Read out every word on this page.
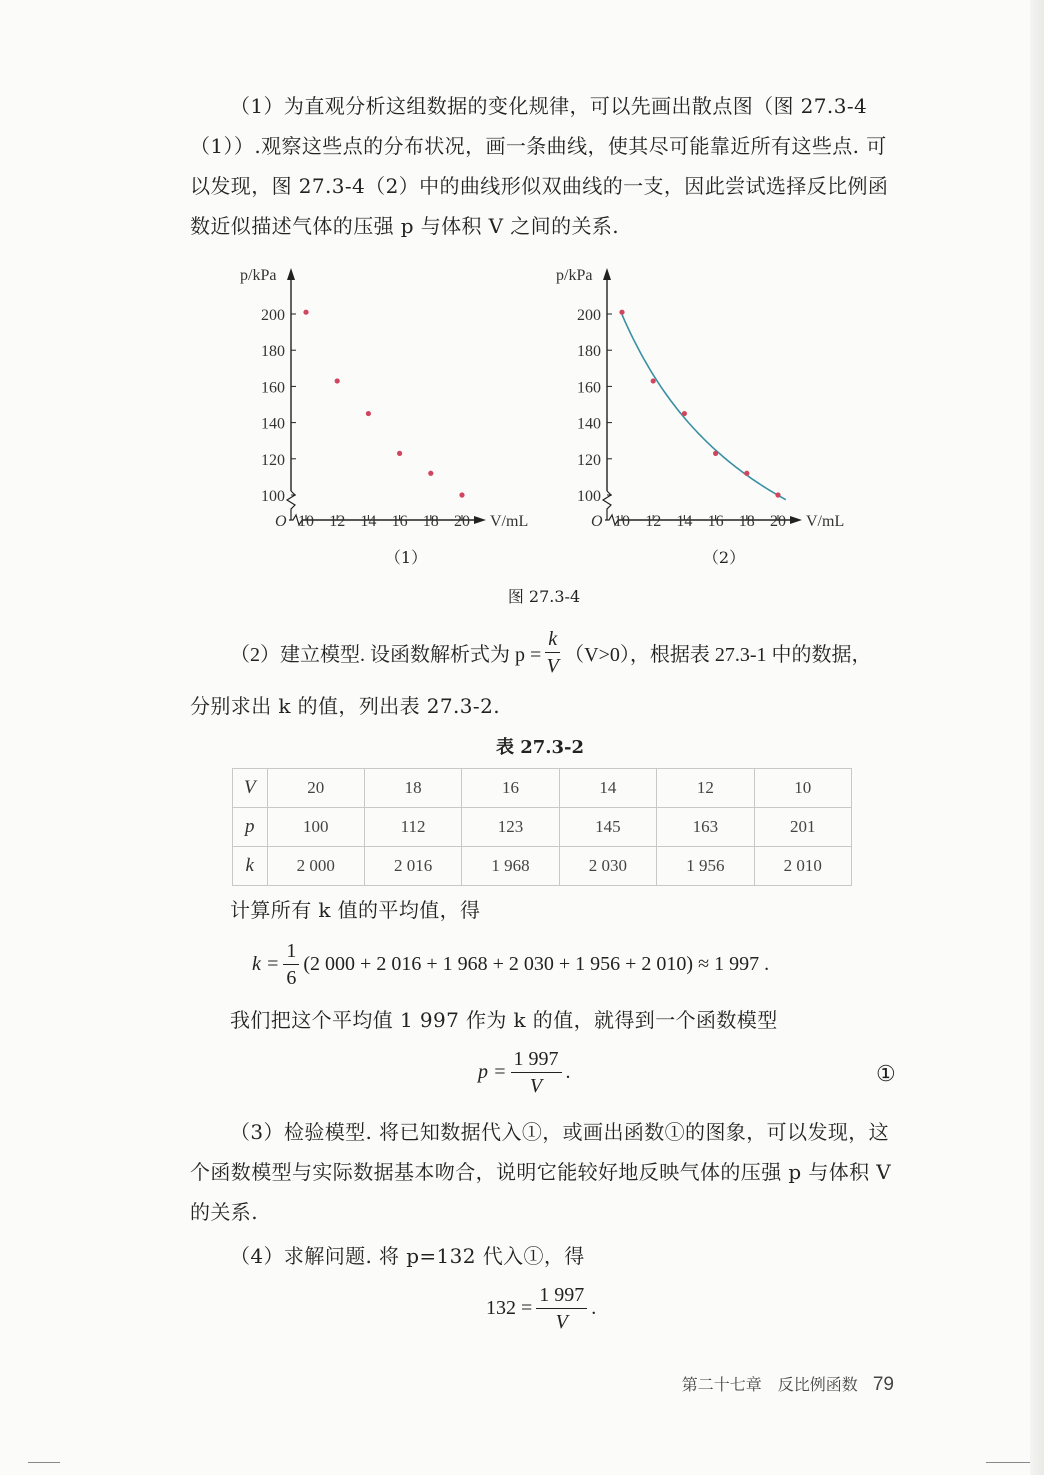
（1）为直观分析这组数据的变化规律，可以先画出散点图（图 27.3-4（1））.观察这些点的分布状况，画一条曲线，使其尽可能靠近所有这些点. 可以发现，图 27.3-4（2）中的曲线形似双曲线的一支，因此尝试选择反比例函数近似描述气体的压强 p 与体积 V 之间的关系.

O
p/kPa
V/mL
100
120
140
160
180
200
10 12 14 16 18 20	O
p/kPa
V/mL
100
120
140
160
180
200
10 12 14 16 18 20
（1）	（2）
图 27.3-4
（2）建立模型. 设函数解析式为 $p = \frac{k}{V} (V>0)$，根据表 27.3-1 中的数据，

分别求出 k 的值，列出表 27.3-2.

表 27.3-2
V	20	18	16	14	12	10
p	100	112	123	145	163	201
k	2 000	2 016	1 968	2 030	1 956	2 010

计算所有 k 值的平均值，得

$k = \frac{1}{6} (2$ 000 + 2 016 + 1 968 + 2 030 + 1 956 + 2 010) ≈ 1 997 .

我们把这个平均值 1 997 作为 k 的值，就得到一个函数模型

$p = \frac{1 997}{V}$ .	①

（3）检验模型. 将已知数据代入①，或画出函数①的图象，可以发现，这个函数模型与实际数据基本吻合，说明它能较好地反映气体的压强 p 与体积 V 的关系.

（4）求解问题. 将 p=132 代入①，得

$132 = \frac{1 997}{V}$ .
第二十七章　反比例函数 79
